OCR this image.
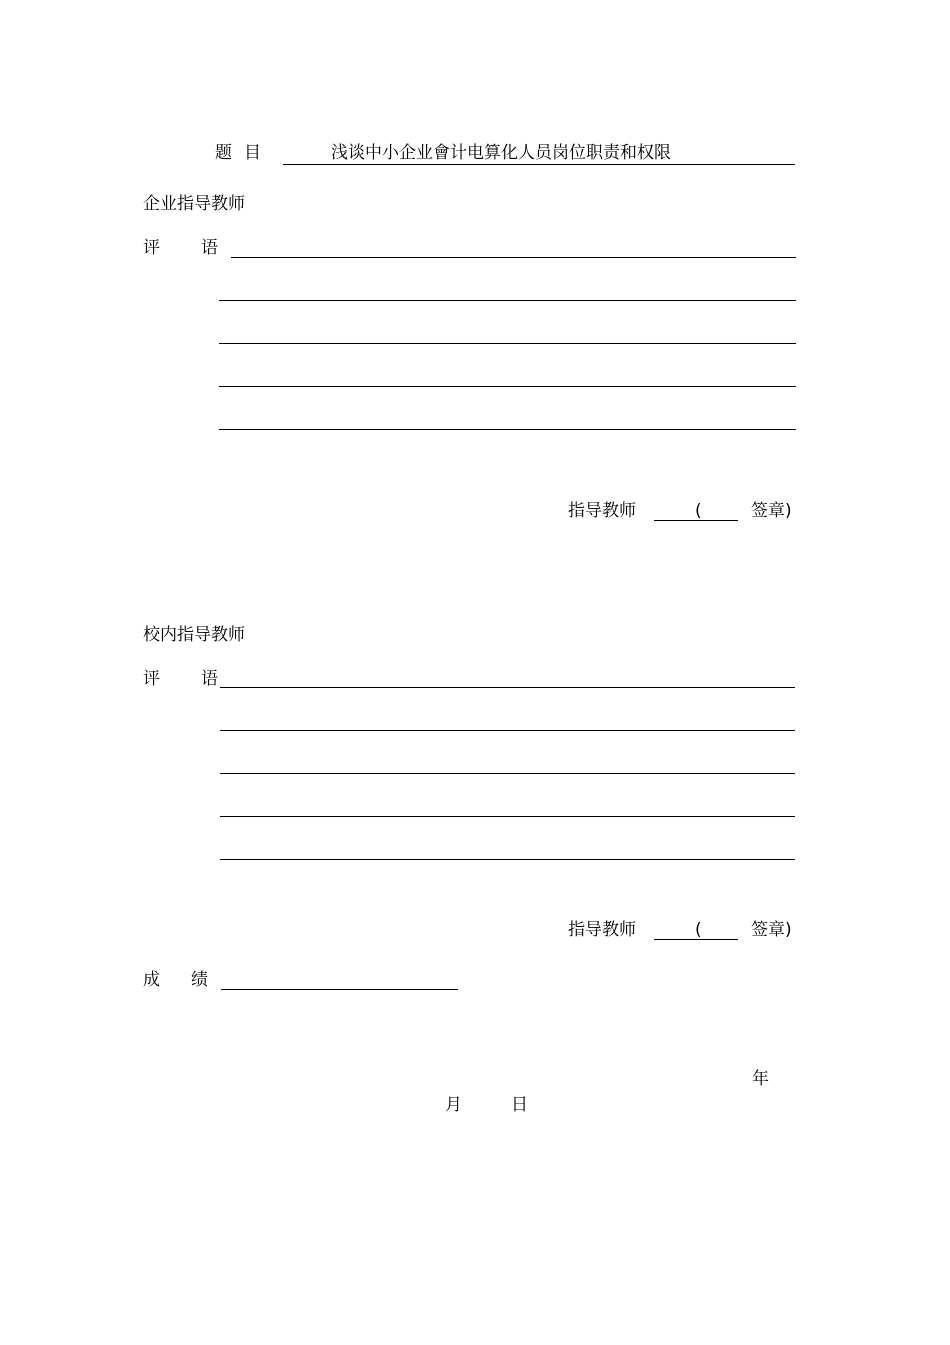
题 目	浅谈中小企业會计电算化人员岗位职责和权限
企业指导教师
评 语
指导教师	(	签章)
校内指导教师
评 语
指导教师	(	签章)
成 绩
年
月	日
